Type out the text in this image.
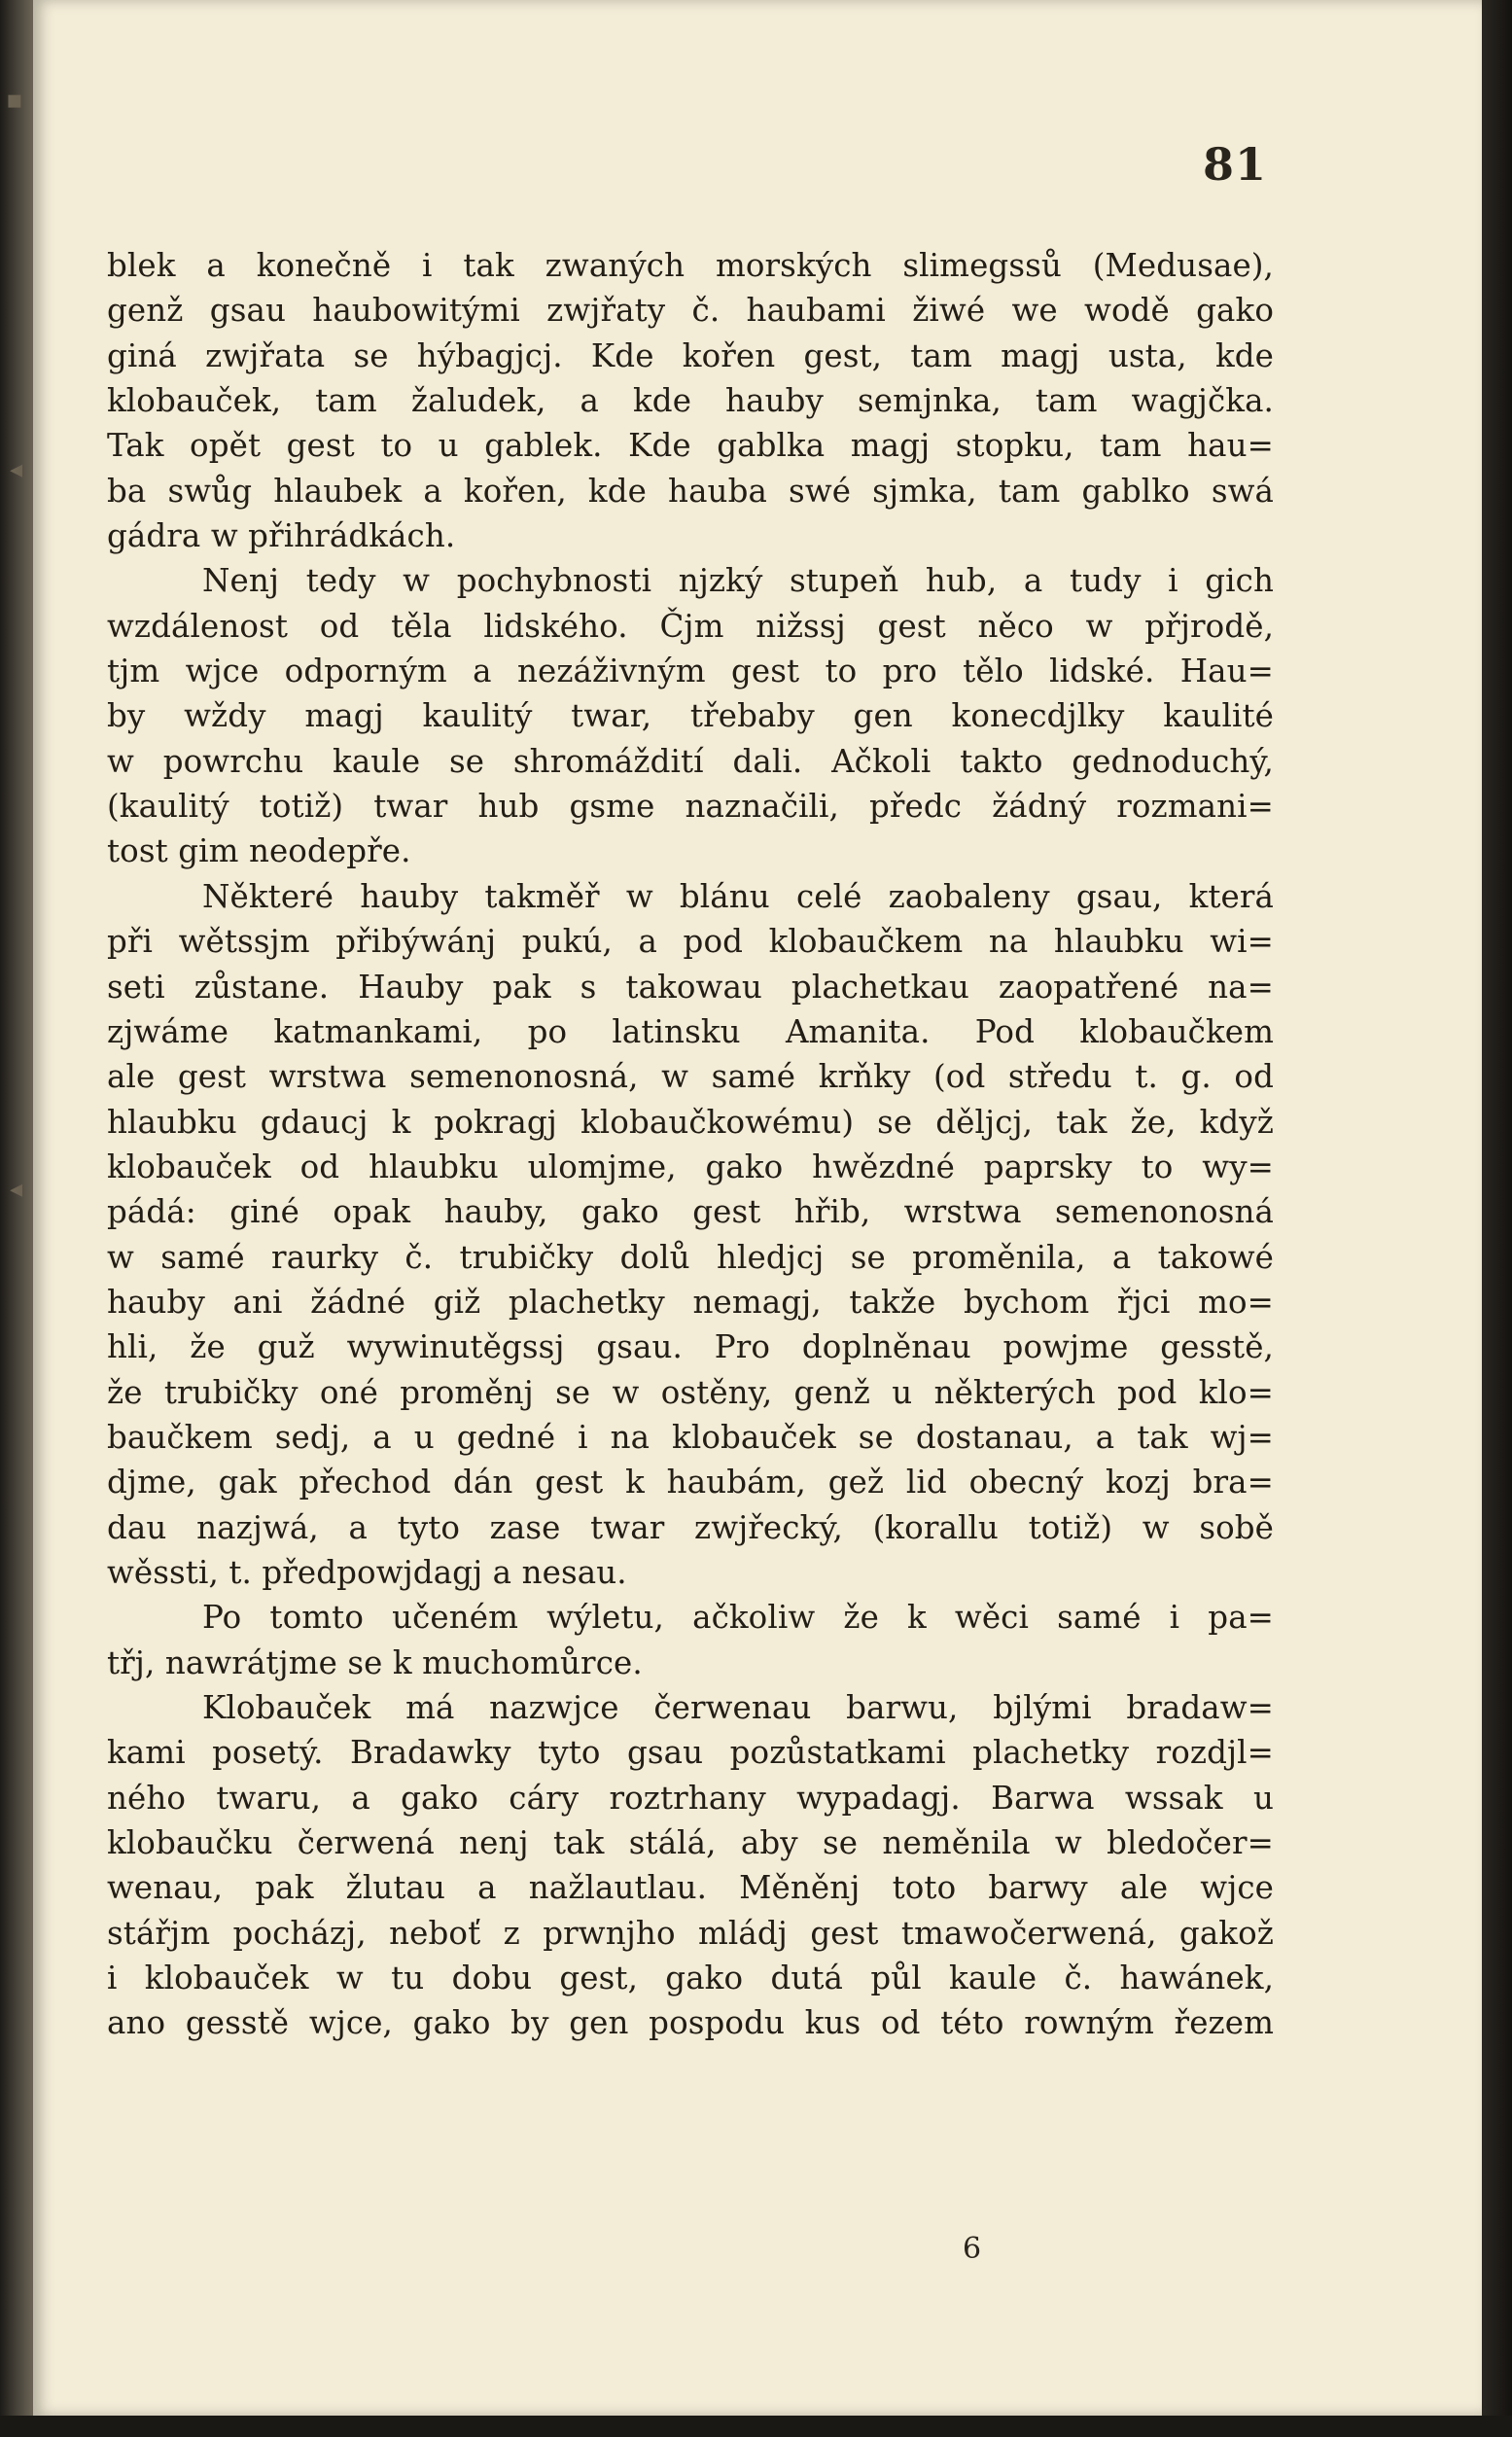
▪
◂
◂
81
blek a konečně i tak zwaných morských slimegssů (Medusae),
genž gsau haubowitými zwjřaty č. haubami žiwé we wodě gako
giná zwjřata se hýbagjcj. Kde kořen gest, tam magj usta, kde
klobauček, tam žaludek, a kde hauby semjnka, tam wagjčka.
Tak opět gest to u gablek. Kde gablka magj stopku, tam hau=
ba swůg hlaubek a kořen, kde hauba swé sjmka, tam gablko swá
gádra w přihrádkách.
Nenj tedy w pochybnosti njzký stupeň hub, a tudy i gich
wzdálenost od těla lidského. Čjm nižssj gest něco w přjrodě,
tjm wjce odporným a nezáživným gest to pro tělo lidské. Hau=
by wždy magj kaulitý twar, třebaby gen konecdjlky kaulité
w powrchu kaule se shromáždití dali. Ačkoli takto gednoduchý,
(kaulitý totiž) twar hub gsme naznačili, předc žádný rozmani=
tost gim neodepře.
Některé hauby takměř w blánu celé zaobaleny gsau, která
při wětssjm přibýwánj pukú, a pod klobaučkem na hlaubku wi=
seti zůstane. Hauby pak s takowau plachetkau zaopatřené na=
zjwáme katmankami, po latinsku Amanita. Pod klobaučkem
ale gest wrstwa semenonosná, w samé krňky (od středu t. g. od
hlaubku gdaucj k pokragj klobaučkowému) se děljcj, tak že, když
klobauček od hlaubku ulomjme, gako hwězdné paprsky to wy=
pádá: giné opak hauby, gako gest hřib, wrstwa semenonosná
w samé raurky č. trubičky dolů hledjcj se proměnila, a takowé
hauby ani žádné giž plachetky nemagj, takže bychom řjci mo=
hli, že guž wywinutěgssj gsau. Pro doplněnau powjme gesstě,
že trubičky oné proměnj se w ostěny, genž u některých pod klo=
baučkem sedj, a u gedné i na klobauček se dostanau, a tak wj=
djme, gak přechod dán gest k haubám, gež lid obecný kozj bra=
dau nazjwá, a tyto zase twar zwjřecký, (korallu totiž) w sobě
wěssti, t. předpowjdagj a nesau.
Po tomto učeném wýletu, ačkoliw že k wěci samé i pa=
třj, nawrátjme se k muchomůrce.
Klobauček má nazwjce čerwenau barwu, bjlými bradaw=
kami posetý. Bradawky tyto gsau pozůstatkami plachetky rozdjl=
ného twaru, a gako cáry roztrhany wypadagj. Barwa wssak u
klobaučku čerwená nenj tak stálá, aby se neměnila w bledočer=
wenau, pak žlutau a nažlautlau. Měněnj toto barwy ale wjce
stářjm pocházj, neboť z prwnjho mládj gest tmawočerwená, gakož
i klobauček w tu dobu gest, gako dutá půl kaule č. hawánek,
ano gesstě wjce, gako by gen pospodu kus od této rowným řezem
6
